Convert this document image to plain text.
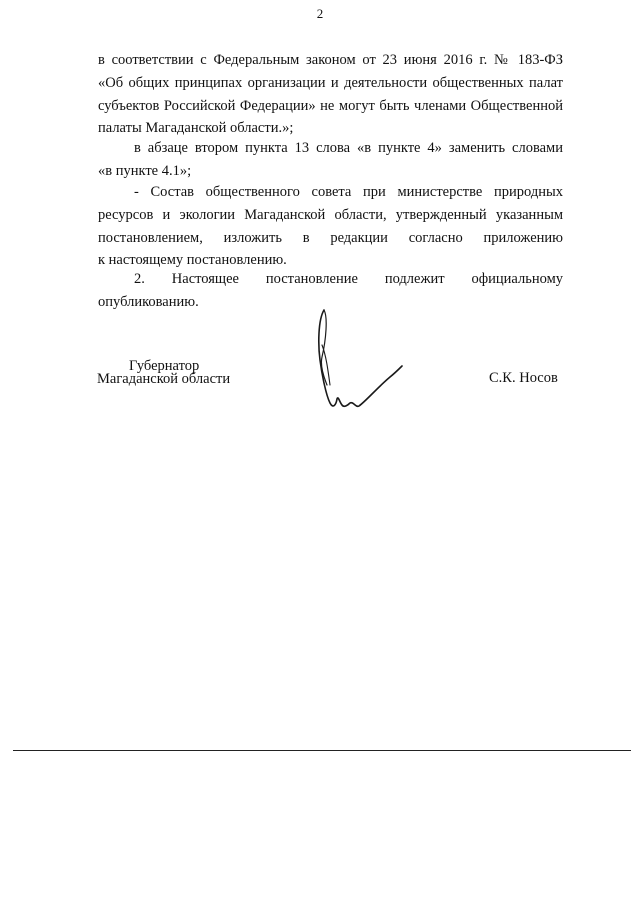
2
в соответствии с Федеральным законом от 23 июня 2016 г. № 183-ФЗ
«Об общих принципах организации и деятельности общественных палат
субъектов Российской Федерации» не могут быть членами Общественной
палаты Магаданской области.»;
в абзаце втором пункта 13 слова «в пункте 4» заменить словами
«в пункте 4.1»;
- Состав общественного совета при министерстве природных
ресурсов и экологии Магаданской области, утвержденный указанным
постановлением, изложить в редакции согласно приложению
к настоящему постановлению.
2. Настоящее постановление подлежит официальному
опубликованию.
Губернатор
Магаданской области	С.К. Носов
